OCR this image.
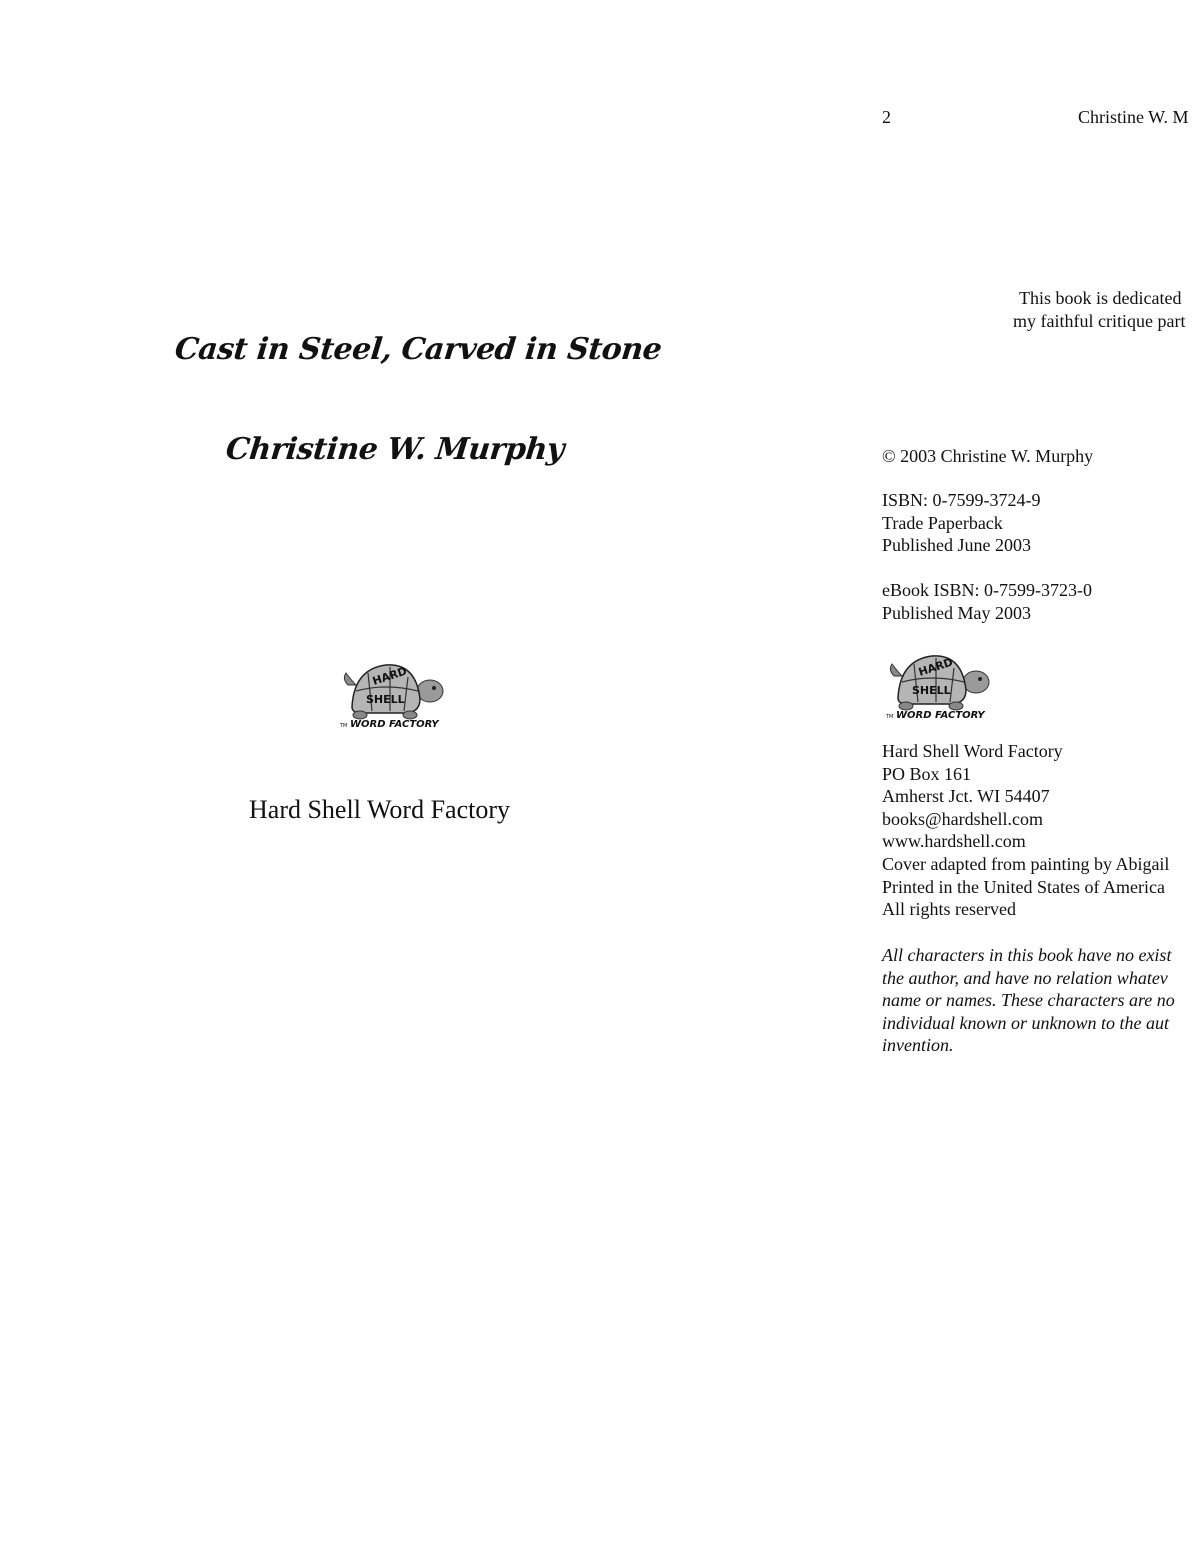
Cast in Steel, Carved in Stone
Christine W. Murphy
HARD
SHELL
WORD FACTORY
TM
Hard Shell Word Factory
2	Christine W. M
This book is dedicated
my faithful critique part
© 2003 Christine W. Murphy
ISBN: 0-7599-3724-9
Trade Paperback
Published June 2003
eBook ISBN: 0-7599-3723-0
Published May 2003
HARD
SHELL
WORD FACTORY
TM
Hard Shell Word Factory
PO Box 161
Amherst Jct. WI 54407
books@hardshell.com
www.hardshell.com
Cover adapted from painting by Abigail
Printed in the United States of America
All rights reserved
All characters in this book have no exist
the author, and have no relation whatev
name or names. These characters are no
individual known or unknown to the aut
invention.
